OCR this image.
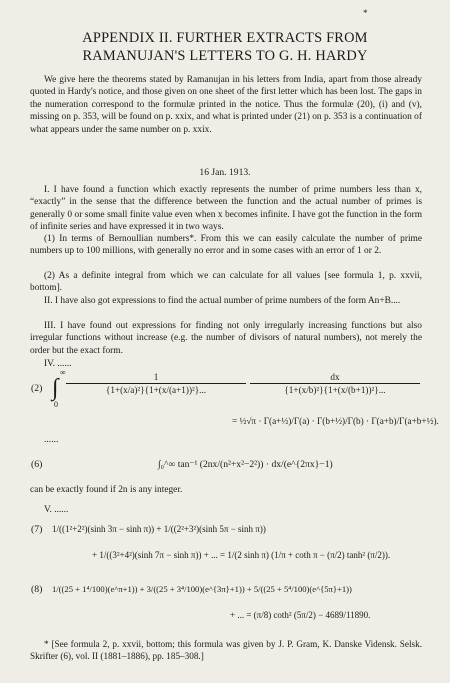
*
APPENDIX II. FURTHER EXTRACTS FROM
RAMANUJAN'S LETTERS TO G. H. HARDY
We give here the theorems stated by Ramanujan in his letters from India, apart from those already quoted in Hardy's notice, and those given on one sheet of the first letter which has been lost. The gaps in the numeration correspond to the formulæ printed in the notice. Thus the formulæ (20), (i) and (v), missing on p. 353, will be found on p. xxix, and what is printed under (21) on p. 353 is a continuation of what appears under the same number on p. xxix.
16 Jan. 1913.
I. I have found a function which exactly represents the number of prime numbers less than x, “exactly” in the sense that the difference between the function and the actual number of primes is generally 0 or some small finite value even when x becomes infinite. I have got the function in the form of infinite series and have expressed it in two ways.
(1) In terms of Bernoullian numbers*. From this we can easily calculate the number of prime numbers up to 100 millions, with generally no error and in some cases with an error of 1 or 2.
(2) As a definite integral from which we can calculate for all values [see formula 1, p. xxvii, bottom].
II. I have also got expressions to find the actual number of prime numbers of the form An+B....
III. I have found out expressions for finding not only irregularly increasing functions but also irregular functions without increase (e.g. the number of divisors of natural numbers), not merely the order but the exact form.
IV. ......
(2) ∫
∞
0
$\frac{1}{\text{\{1+(x/a)²\}\{1+(x/(a+1))²\}...}} \frac{dx}{\text{\{1+(x/b)²\}\{1+(x/(b+1))²\}...}}$
= ½√π · Γ(a+½)/Γ(a) · Γ(b+½)/Γ(b) · Γ(a+b)/Γ(a+b+½).
......
(6)	∫₀^∞ tan⁻¹ (2nx/(n²+x²−2²)) · dx/(e^{2πx}−1)
can be exactly found if 2n is any integer.
V. ......
(7) 1/((1²+2²)(sinh 3π − sinh π)) + 1/((2²+3²)(sinh 5π − sinh π))
+ 1/((3²+4²)(sinh 7π − sinh π)) + ... = 1/(2 sinh π) (1/π + coth π − (π/2) tanh² (π/2)).
(8) 1/((25 + 1⁴/100)(e^π+1)) + 3/((25 + 3⁴/100)(e^{3π}+1)) + 5/((25 + 5⁴/100)(e^{5π}+1))
+ ... = (π/8) coth² (5π/2) − 4689/11890.
* [See formula 2, p. xxvii, bottom; this formula was given by J. P. Gram, K. Danske Vidensk. Selsk. Skrifter (6), vol. II (1881–1886), pp. 185–308.]
